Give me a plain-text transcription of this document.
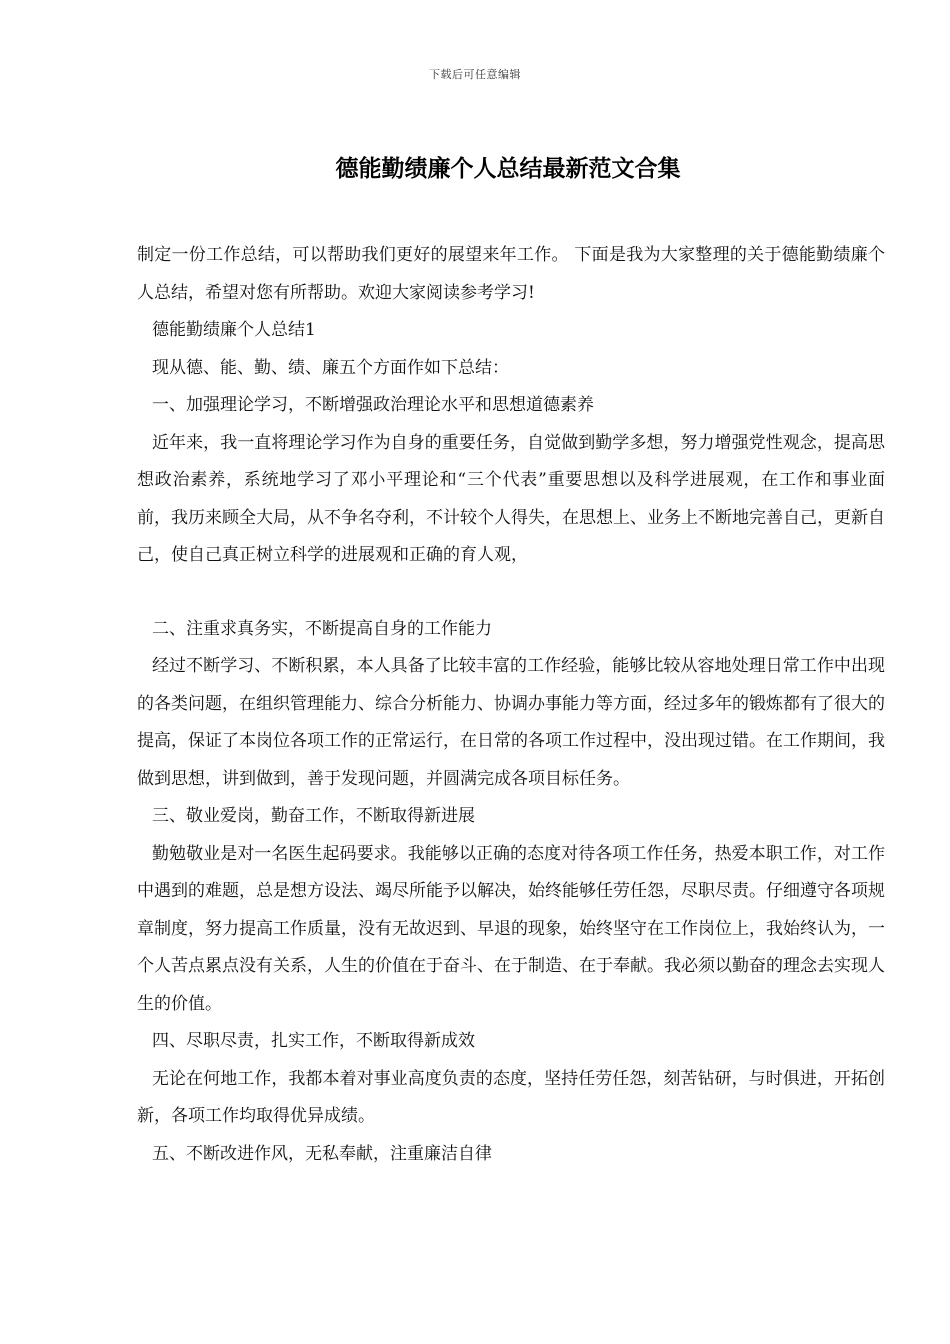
下载后可任意编辑
德能勤绩廉个人总结最新范文合集

制定一份工作总结，可以帮助我们更好的展望来年工作。 下面是我为大家整理的关于德能勤绩廉个人总结，希望对您有所帮助。欢迎大家阅读参考学习!

德能勤绩廉个人总结1

现从德、能、勤、绩、廉五个方面作如下总结：

一、加强理论学习，不断增强政治理论水平和思想道德素养

近年来，我一直将理论学习作为自身的重要任务，自觉做到勤学多想，努力增强党性观念，提高思想政治素养，系统地学习了邓小平理论和“三个代表”重要思想以及科学进展观，在工作和事业面前，我历来顾全大局，从不争名夺利，不计较个人得失，在思想上、业务上不断地完善自己，更新自己，使自己真正树立科学的进展观和正确的育人观，

二、注重求真务实，不断提高自身的工作能力

经过不断学习、不断积累，本人具备了比较丰富的工作经验，能够比较从容地处理日常工作中出现的各类问题，在组织管理能力、综合分析能力、协调办事能力等方面，经过多年的锻炼都有了很大的提高，保证了本岗位各项工作的正常运行，在日常的各项工作过程中，没出现过错。在工作期间，我做到思想，讲到做到，善于发现问题，并圆满完成各项目标任务。

三、敬业爱岗，勤奋工作，不断取得新进展

勤勉敬业是对一名医生起码要求。我能够以正确的态度对待各项工作任务，热爱本职工作，对工作中遇到的难题，总是想方设法、竭尽所能予以解决，始终能够任劳任怨，尽职尽责。仔细遵守各项规章制度，努力提高工作质量，没有无故迟到、早退的现象，始终坚守在工作岗位上，我始终认为，一个人苦点累点没有关系，人生的价值在于奋斗、在于制造、在于奉献。我必须以勤奋的理念去实现人生的价值。

四、尽职尽责，扎实工作，不断取得新成效

无论在何地工作，我都本着对事业高度负责的态度，坚持任劳任怨，刻苦钻研，与时俱进，开拓创新，各项工作均取得优异成绩。

五、不断改进作风，无私奉献，注重廉洁自律
